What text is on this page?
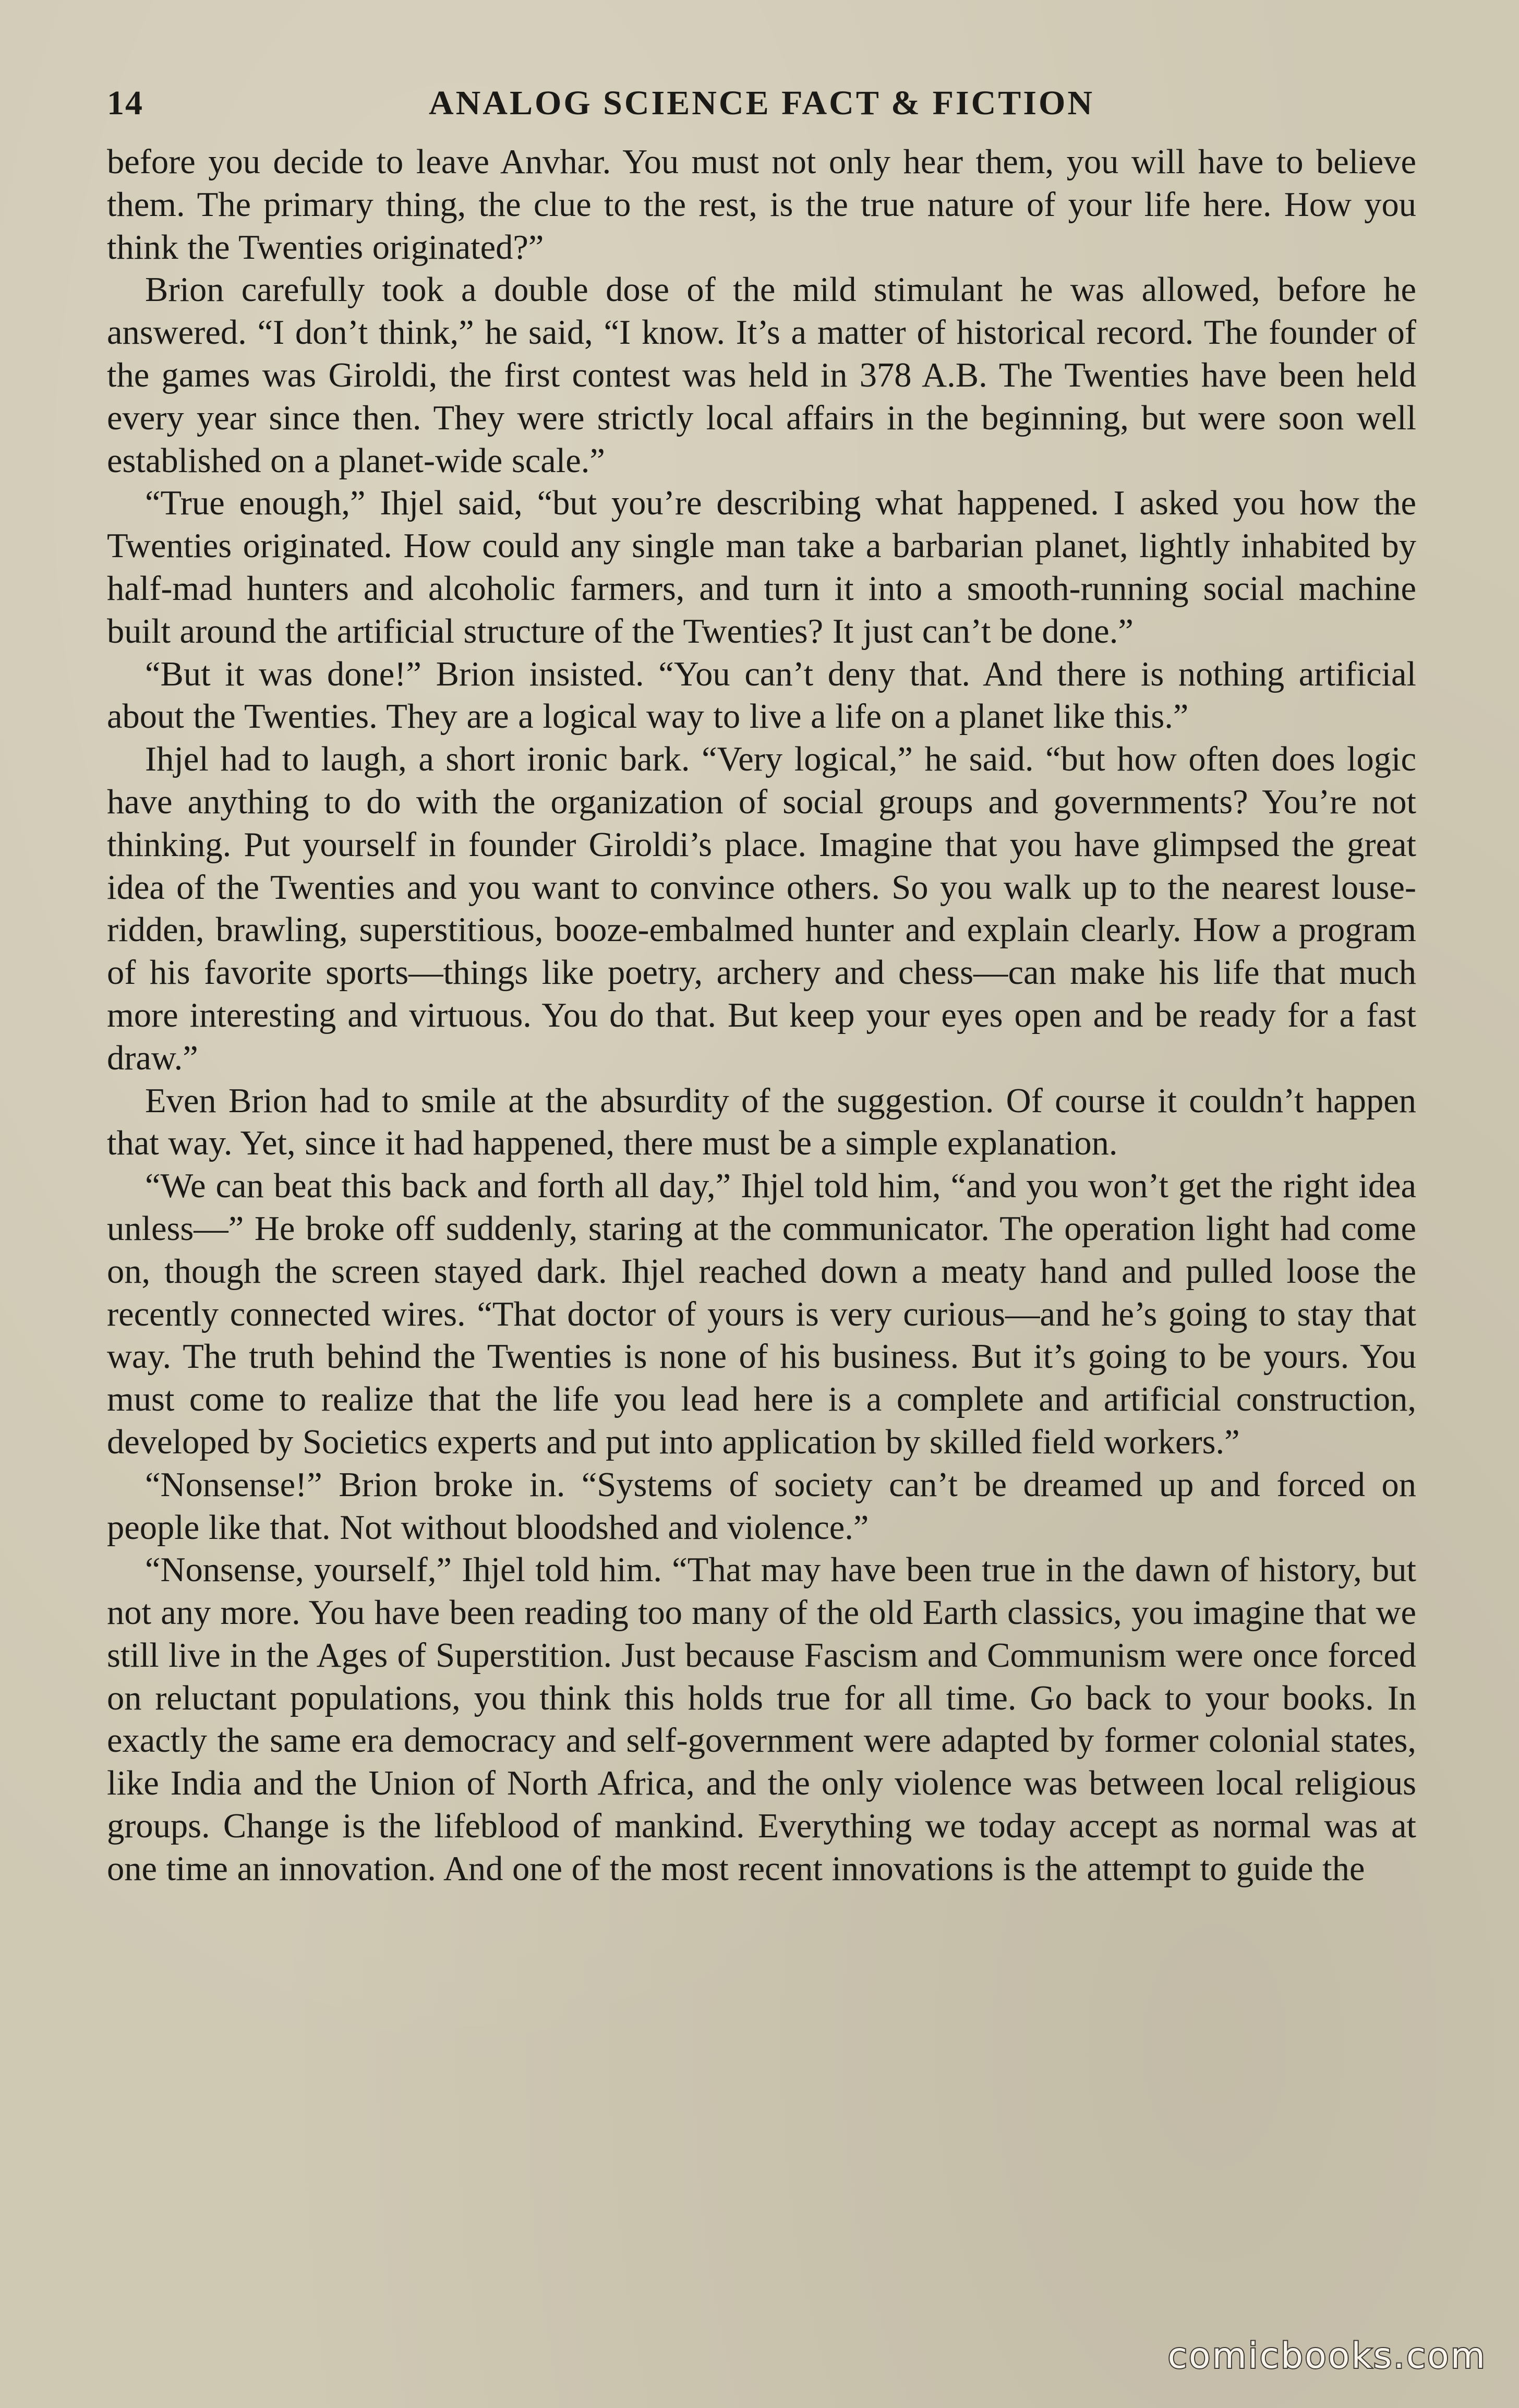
14	ANALOG SCIENCE FACT & FICTION

before you decide to leave Anvhar. You must not only hear them, you will have to believe them. The primary thing, the clue to the rest, is the true nature of your life here. How you think the Twenties originated?”

Brion carefully took a double dose of the mild stimulant he was allowed, before he answered. “I don’t think,” he said, “I know. It’s a matter of historical record. The founder of the games was Giroldi, the first contest was held in 378 A.B. The Twenties have been held every year since then. They were strictly local affairs in the beginning, but were soon well established on a planet-wide scale.”

“True enough,” Ihjel said, “but you’re describing what happened. I asked you how the Twenties originated. How could any single man take a barbarian planet, lightly inhabited by half-mad hunters and alcoholic farmers, and turn it into a smooth-running social machine built around the artificial structure of the Twenties? It just can’t be done.”

“But it was done!” Brion insisted. “You can’t deny that. And there is nothing artificial about the Twenties. They are a logical way to live a life on a planet like this.”

Ihjel had to laugh, a short ironic bark. “Very logical,” he said. “but how often does logic have anything to do with the organization of social groups and governments? You’re not thinking. Put yourself in founder Giroldi’s place. Imagine that you have glimpsed the great idea of the Twenties and you want to convince others. So you walk up to the nearest louse-ridden, brawling, superstitious, booze-embalmed hunter and explain clearly. How a program of his favorite sports—things like poetry, archery and chess—can make his life that much more interesting and virtuous. You do that. But keep your eyes open and be ready for a fast draw.”

Even Brion had to smile at the absurdity of the suggestion. Of course it couldn’t happen that way. Yet, since it had happened, there must be a simple explanation.

“We can beat this back and forth all day,” Ihjel told him, “and you won’t get the right idea unless—” He broke off suddenly, staring at the communicator. The operation light had come on, though the screen stayed dark. Ihjel reached down a meaty hand and pulled loose the recently connected wires. “That doctor of yours is very curious—and he’s going to stay that way. The truth behind the Twenties is none of his business. But it’s going to be yours. You must come to realize that the life you lead here is a complete and artificial construction, developed by Societics experts and put into application by skilled field workers.”

“Nonsense!” Brion broke in. “Systems of society can’t be dreamed up and forced on people like that. Not without bloodshed and violence.”

“Nonsense, yourself,” Ihjel told him. “That may have been true in the dawn of history, but not any more. You have been reading too many of the old Earth classics, you imagine that we still live in the Ages of Superstition. Just because Fascism and Communism were once forced on reluctant populations, you think this holds true for all time. Go back to your books. In exactly the same era democracy and self-government were adapted by former colonial states, like India and the Union of North Africa, and the only violence was between local religious groups. Change is the lifeblood of mankind. Everything we today accept as normal was at one time an innovation. And one of the most recent innovations is the attempt to guide the

comicbooks.com
